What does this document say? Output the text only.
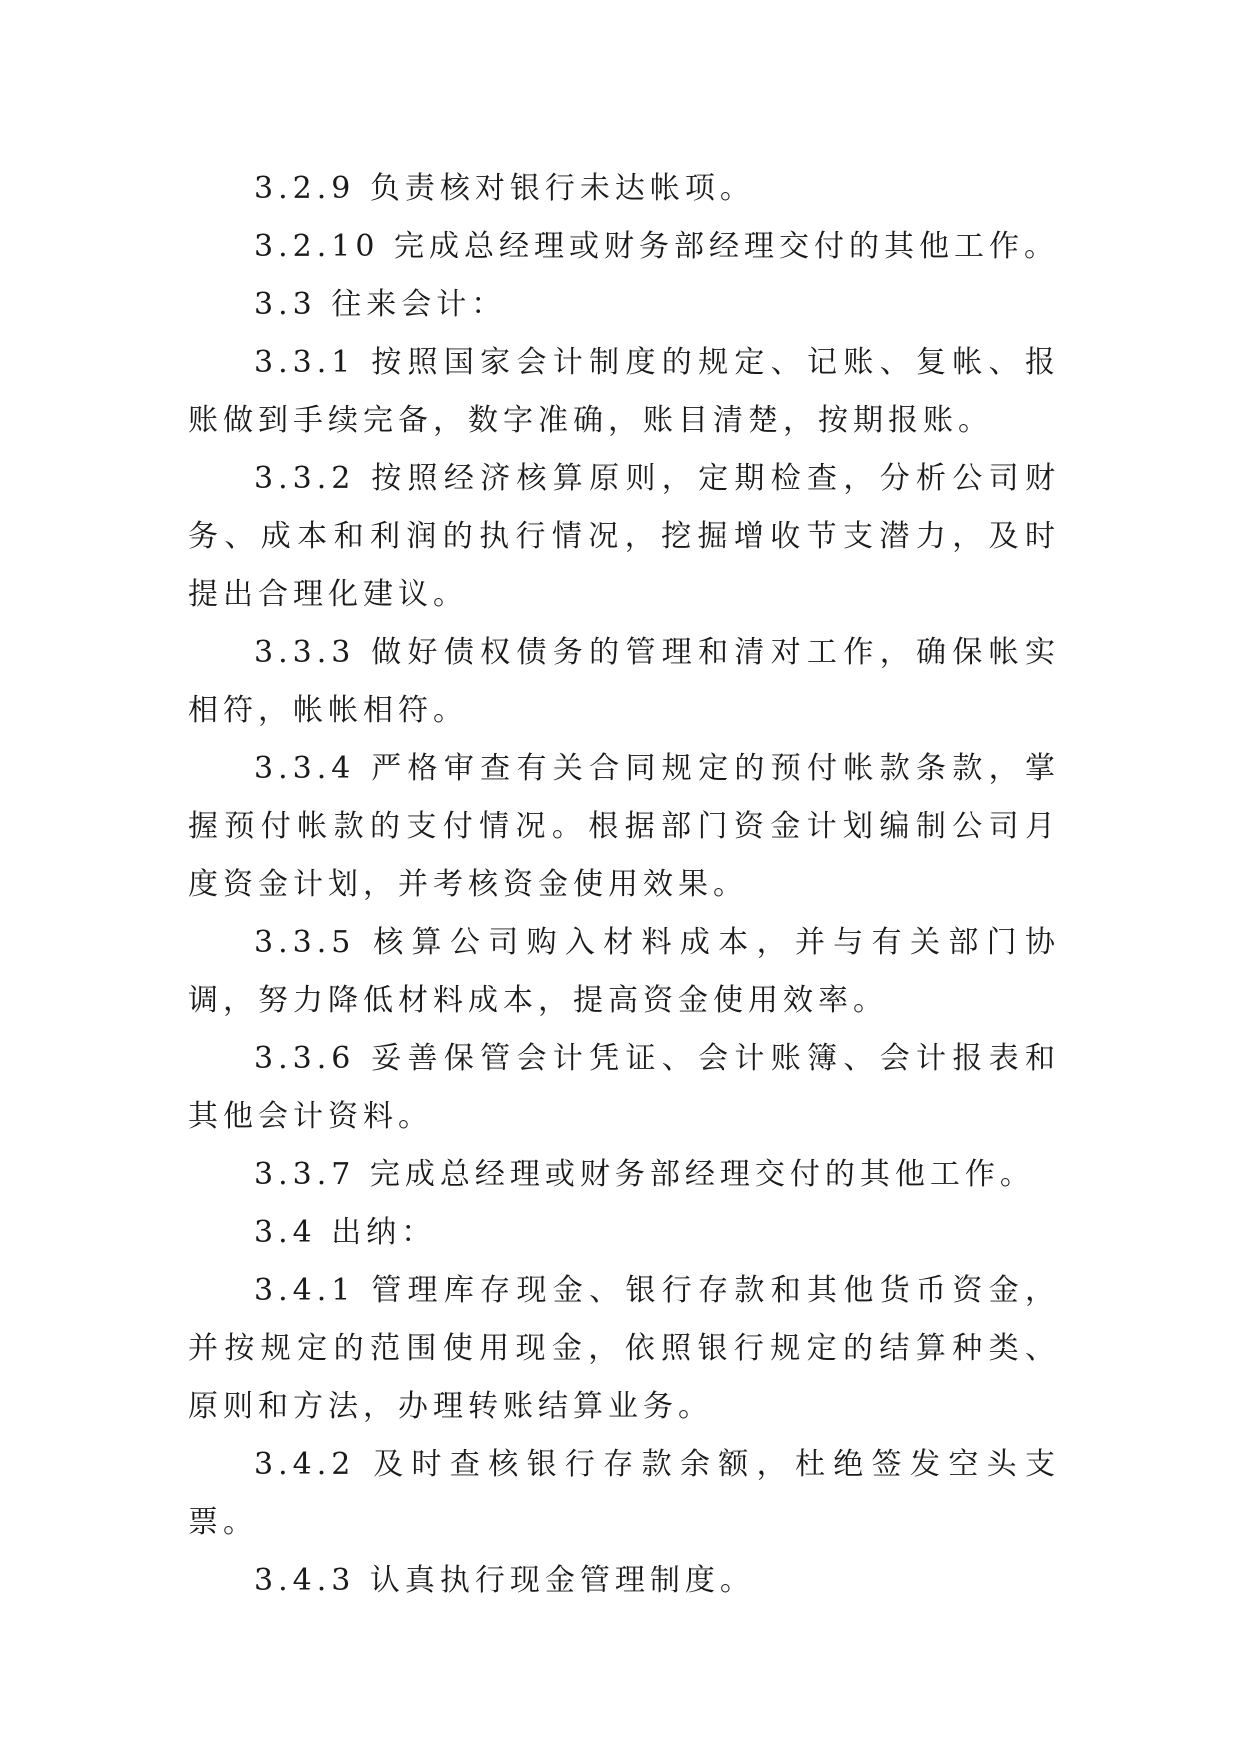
3.2.9 负责核对银行未达帐项。

3.2.10 完成总经理或财务部经理交付的其他工作。

3.3 往来会计：

3.3.1 按照国家会计制度的规定、记账、复帐、报账做到手续完备，数字准确，账目清楚，按期报账。

3.3.2 按照经济核算原则，定期检查，分析公司财务、成本和利润的执行情况，挖掘增收节支潜力，及时提出合理化建议。

3.3.3 做好债权债务的管理和清对工作，确保帐实相符，帐帐相符。

3.3.4 严格审查有关合同规定的预付帐款条款，掌握预付帐款的支付情况。根据部门资金计划编制公司月度资金计划，并考核资金使用效果。

3.3.5 核算公司购入材料成本，并与有关部门协调，努力降低材料成本，提高资金使用效率。

3.3.6 妥善保管会计凭证、会计账簿、会计报表和其他会计资料。

3.3.7 完成总经理或财务部经理交付的其他工作。

3.4 出纳：

3.4.1 管理库存现金、银行存款和其他货币资金，并按规定的范围使用现金，依照银行规定的结算种类、原则和方法，办理转账结算业务。

3.4.2 及时查核银行存款余额，杜绝签发空头支票。

3.4.3 认真执行现金管理制度。
